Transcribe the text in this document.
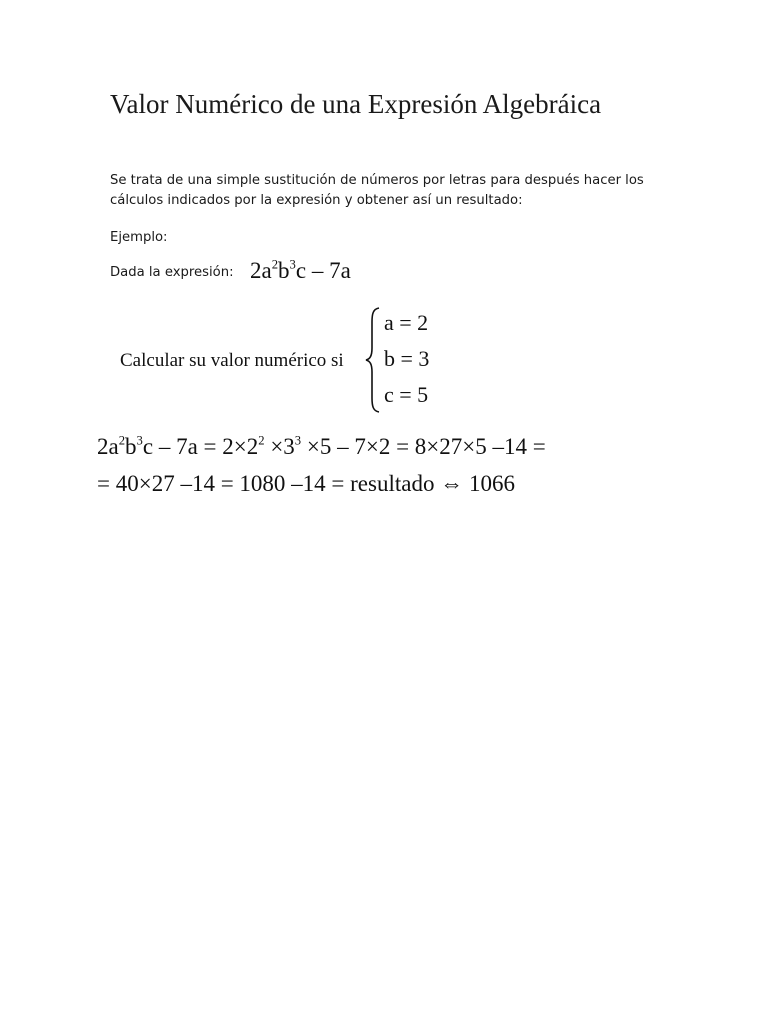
Valor Numérico de una Expresión Algebráica

Se trata de una simple sustitución de números por letras para después hacer los cálculos indicados por la expresión y obtener así un resultado:

Ejemplo:

Dada la expresión: $2a^2b^3c - 7a$
Calcular su valor numérico si
a = 2
b = 3
c = 5
$2a^2b^3c - 7a = 2\times 2^2 \times 3^3 \times 5 - 7\times 2 = 8\times 27\times 5$ –14 =
= 40×27 –14 = 1080 –14 = resultado ⇔ 1066
